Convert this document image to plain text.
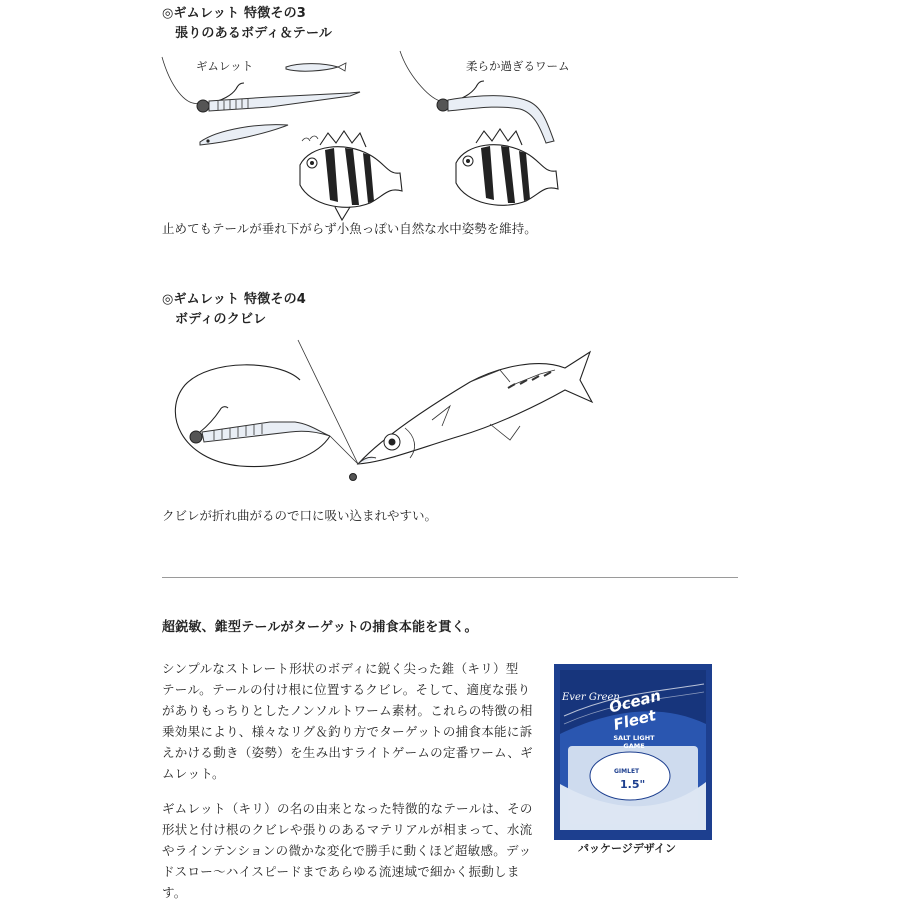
◎ギムレット 特徴その3
張りのあるボディ＆テール
ギムレット	柔らか過ぎるワーム
止めてもテールが垂れ下がらず小魚っぽい自然な水中姿勢を維持。
◎ギムレット 特徴その4
ボディのクビレ
クビレが折れ曲がるので口に吸い込まれやすい。
超鋭敏、錐型テールがターゲットの捕食本能を貫く。
シンプルなストレート形状のボディに鋭く尖った錐（キリ）型
テール。テールの付け根に位置するクビレ。そして、適度な張り
がありもっちりとしたノンソルトワーム素材。これらの特徴の相
乗効果により、様々なリグ＆釣り方でターゲットの捕食本能に訴
えかける動き（姿勢）を生み出すライトゲームの定番ワーム、ギ
ムレット。
ギムレット（キリ）の名の由来となった特徴的なテールは、その
形状と付け根のクビレや張りのあるマテリアルが相まって、水流
やラインテンションの微かな変化で勝手に動くほど超敏感。デッ
ドスロー～ハイスピードまであらゆる流速域で細かく振動しま
す。
Ever Green
Ocean Fleet
SALT LIGHT GAME
GIMLET
1.5"
パッケージデザイン
